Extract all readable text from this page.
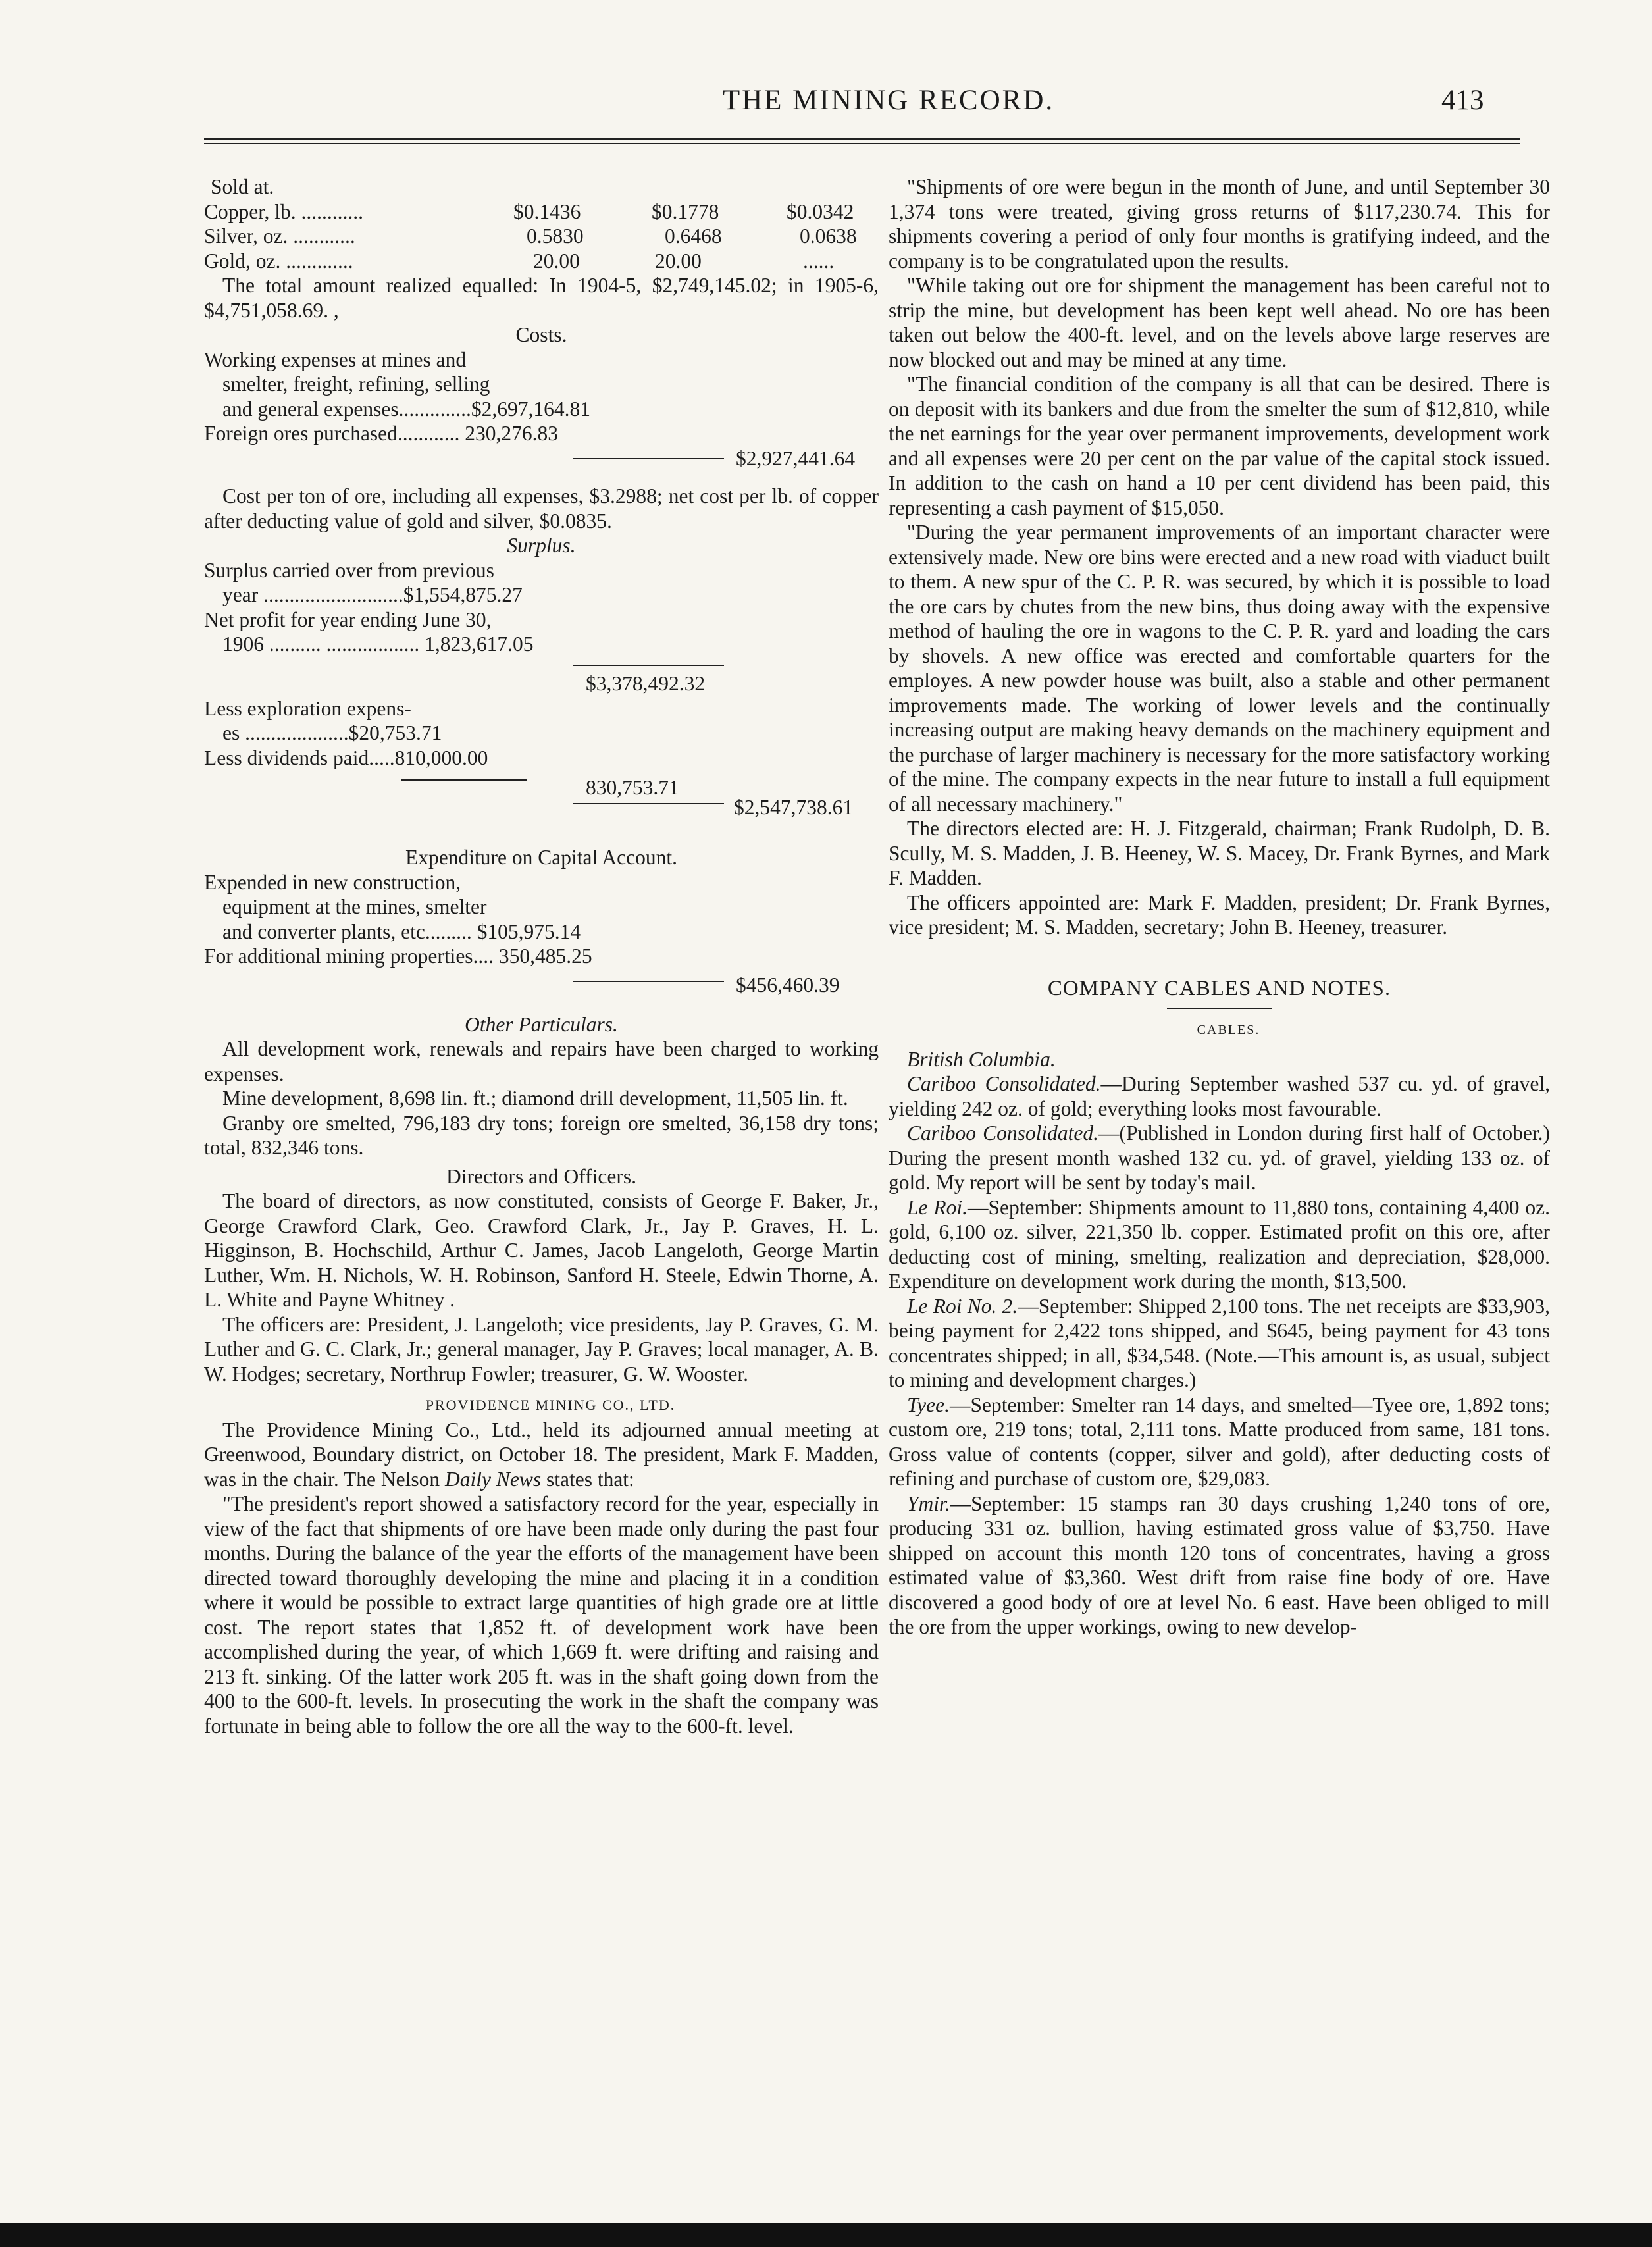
THE MINING RECORD.	413
Sold at.
Copper, lb. ............	$0.1436	$0.1778	$0.0342
Silver, oz. ............	0.5830	0.6468	0.0638
Gold, oz. .............	20.00	20.00	......

The total amount realized equalled: In 1904-5, $2,749,145.02; in 1905-6, $4,751,058.69. ,

Costs.

Working expenses at mines and
smelter, freight, refining, selling
and general expenses..............$2,697,164.81
Foreign ores purchased............ 230,276.83
$2,927,441.64

Cost per ton of ore, including all expenses, $3.2988; net cost per lb. of copper after deducting value of gold and silver, $0.0835.

Surplus.

Surplus carried over from previous
year ...........................$1,554,875.27
Net profit for year ending June 30,
1906 .......... .................. 1,823,617.05
$3,378,492.32
Less exploration expens-
es ....................$20,753.71
Less dividends paid.....810,000.00
830,753.71
$2,547,738.61

Expenditure on Capital Account.

Expended in new construction,
equipment at the mines, smelter
and converter plants, etc......... $105,975.14
For additional mining properties.... 350,485.25
$456,460.39

Other Particulars.

All development work, renewals and repairs have been charged to working expenses.

Mine development, 8,698 lin. ft.; diamond drill development, 11,505 lin. ft.

Granby ore smelted, 796,183 dry tons; foreign ore smelted, 36,158 dry tons; total, 832,346 tons.

Directors and Officers.

The board of directors, as now constituted, consists of George F. Baker, Jr., George Crawford Clark, Geo. Crawford Clark, Jr., Jay P. Graves, H. L. Higginson, B. Hochschild, Arthur C. James, Jacob Langeloth, George Martin Luther, Wm. H. Nichols, W. H. Robinson, Sanford H. Steele, Edwin Thorne, A. L. White and Payne Whitney .

The officers are: President, J. Langeloth; vice presidents, Jay P. Graves, G. M. Luther and G. C. Clark, Jr.; general manager, Jay P. Graves; local manager, A. B. W. Hodges; secretary, Northrup Fowler; treasurer, G. W. Wooster.

PROVIDENCE MINING CO., LTD.

The Providence Mining Co., Ltd., held its adjourned annual meeting at Greenwood, Boundary district, on October 18. The president, Mark F. Madden, was in the chair. The Nelson Daily News states that:

"The president's report showed a satisfactory record for the year, especially in view of the fact that shipments of ore have been made only during the past four months. During the balance of the year the efforts of the management have been directed toward thoroughly developing the mine and placing it in a condition where it would be possible to extract large quantities of high grade ore at little cost. The report states that 1,852 ft. of development work have been accomplished during the year, of which 1,669 ft. were drifting and raising and 213 ft. sinking. Of the latter work 205 ft. was in the shaft going down from the 400 to the 600-ft. levels. In prosecuting the work in the shaft the company was fortunate in being able to follow the ore all the way to the 600-ft. level.

"Shipments of ore were begun in the month of June, and until September 30 1,374 tons were treated, giving gross returns of $117,230.74. This for shipments covering a period of only four months is gratifying indeed, and the company is to be congratulated upon the results.

"While taking out ore for shipment the management has been careful not to strip the mine, but development has been kept well ahead. No ore has been taken out below the 400-ft. level, and on the levels above large reserves are now blocked out and may be mined at any time.

"The financial condition of the company is all that can be desired. There is on deposit with its bankers and due from the smelter the sum of $12,810, while the net earnings for the year over permanent improvements, development work and all expenses were 20 per cent on the par value of the capital stock issued. In addition to the cash on hand a 10 per cent dividend has been paid, this representing a cash payment of $15,050.

"During the year permanent improvements of an important character were extensively made. New ore bins were erected and a new road with viaduct built to them. A new spur of the C. P. R. was secured, by which it is possible to load the ore cars by chutes from the new bins, thus doing away with the expensive method of hauling the ore in wagons to the C. P. R. yard and loading the cars by shovels. A new office was erected and comfortable quarters for the employes. A new powder house was built, also a stable and other permanent improvements made. The working of lower levels and the continually increasing output are making heavy demands on the machinery equipment and the purchase of larger machinery is necessary for the more satisfactory working of the mine. The company expects in the near future to install a full equipment of all necessary machinery."

The directors elected are: H. J. Fitzgerald, chairman; Frank Rudolph, D. B. Scully, M. S. Madden, J. B. Heeney, W. S. Macey, Dr. Frank Byrnes, and Mark F. Madden.

The officers appointed are: Mark F. Madden, president; Dr. Frank Byrnes, vice president; M. S. Madden, secretary; John B. Heeney, treasurer.

COMPANY CABLES AND NOTES.

CABLES.

British Columbia.

Cariboo Consolidated.—During September washed 537 cu. yd. of gravel, yielding 242 oz. of gold; everything looks most favourable.

Cariboo Consolidated.—(Published in London during first half of October.) During the present month washed 132 cu. yd. of gravel, yielding 133 oz. of gold. My report will be sent by today's mail.

Le Roi.—September: Shipments amount to 11,880 tons, containing 4,400 oz. gold, 6,100 oz. silver, 221,350 lb. copper. Estimated profit on this ore, after deducting cost of mining, smelting, realization and depreciation, $28,000. Expenditure on development work during the month, $13,500.

Le Roi No. 2.—September: Shipped 2,100 tons. The net receipts are $33,903, being payment for 2,422 tons shipped, and $645, being payment for 43 tons concentrates shipped; in all, $34,548. (Note.—This amount is, as usual, subject to mining and development charges.)

Tyee.—September: Smelter ran 14 days, and smelted—Tyee ore, 1,892 tons; custom ore, 219 tons; total, 2,111 tons. Matte produced from same, 181 tons. Gross value of contents (copper, silver and gold), after deducting costs of refining and purchase of custom ore, $29,083.

Ymir.—September: 15 stamps ran 30 days crushing 1,240 tons of ore, producing 331 oz. bullion, having estimated gross value of $3,750. Have shipped on account this month 120 tons of concentrates, having a gross estimated value of $3,360. West drift from raise fine body of ore. Have discovered a good body of ore at level No. 6 east. Have been obliged to mill the ore from the upper workings, owing to new develop-
